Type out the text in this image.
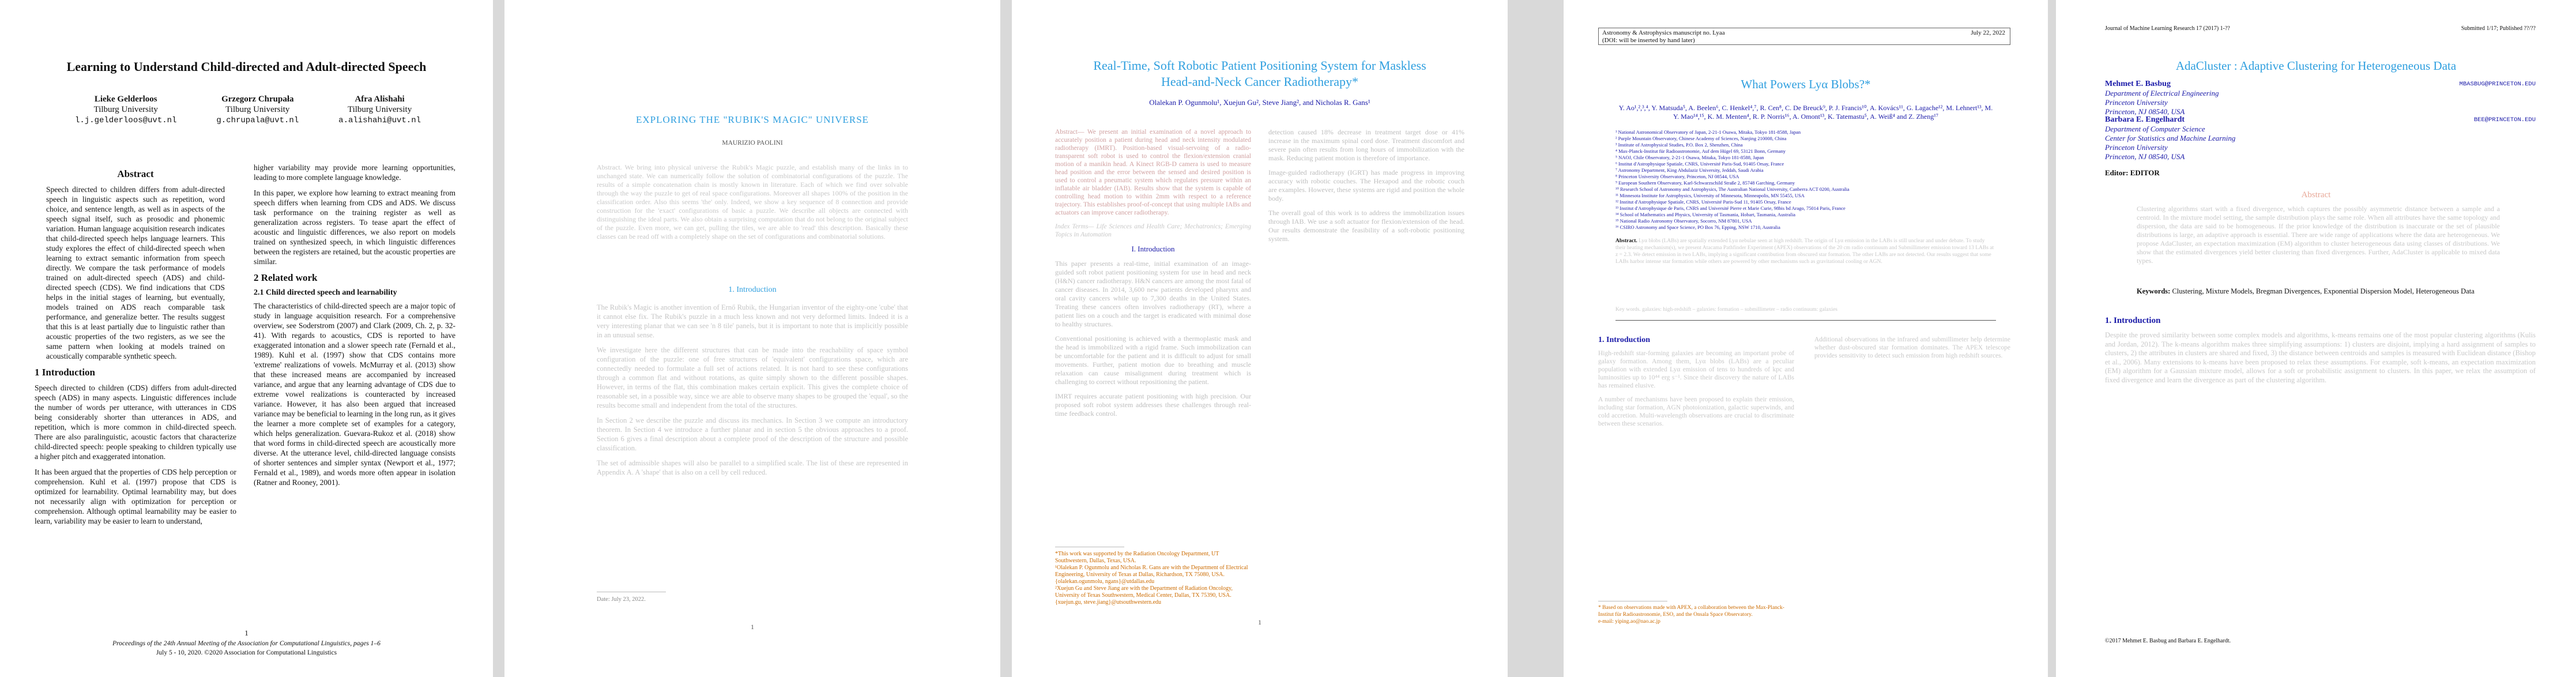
Learning to Understand Child-directed and Adult-directed Speech
Lieke Gelderloos
Tilburg University
l.j.gelderloos@uvt.nl
Grzegorz Chrupała
Tilburg University
g.chrupala@uvt.nl
Afra Alishahi
Tilburg University
a.alishahi@uvt.nl
Abstract

Speech directed to children differs from adult-directed speech in linguistic aspects such as repetition, word choice, and sentence length, as well as in aspects of the speech signal itself, such as prosodic and phonemic variation. Human language acquisition research indicates that child-directed speech helps language learners. This study explores the effect of child-directed speech when learning to extract semantic information from speech directly. We compare the task performance of models trained on adult-directed speech (ADS) and child-directed speech (CDS). We find indications that CDS helps in the initial stages of learning, but eventually, models trained on ADS reach comparable task performance, and generalize better. The results suggest that this is at least partially due to linguistic rather than acoustic properties of the two registers, as we see the same pattern when looking at models trained on acoustically comparable synthetic speech.

1 Introduction

Speech directed to children (CDS) differs from adult-directed speech (ADS) in many aspects. Linguistic differences include the number of words per utterance, with utterances in CDS being considerably shorter than utterances in ADS, and repetition, which is more common in child-directed speech. There are also paralinguistic, acoustic factors that characterize child-directed speech: people speaking to children typically use a higher pitch and exaggerated intonation.

It has been argued that the properties of CDS help perception or comprehension. Kuhl et al. (1997) propose that CDS is optimized for learnability. Optimal learnability may, but does not necessarily align with optimization for perception or comprehension. Although optimal learnability may be easier to learn, variability may be easier to learn to understand,

higher variability may provide more learning opportunities, leading to more complete language knowledge.

In this paper, we explore how learning to extract meaning from speech differs when learning from CDS and ADS. We discuss task performance on the training register as well as generalization across registers. To tease apart the effect of acoustic and linguistic differences, we also report on models trained on synthesized speech, in which linguistic differences between the registers are retained, but the acoustic properties are similar.

2 Related work
2.1 Child directed speech and learnability

The characteristics of child-directed speech are a major topic of study in language acquisition research. For a comprehensive overview, see Soderstrom (2007) and Clark (2009, Ch. 2, p. 32-41). With regards to acoustics, CDS is reported to have exaggerated intonation and a slower speech rate (Fernald et al., 1989). Kuhl et al. (1997) show that CDS contains more 'extreme' realizations of vowels. McMurray et al. (2013) show that these increased means are accompanied by increased variance, and argue that any learning advantage of CDS due to extreme vowel realizations is counteracted by increased variance. However, it has also been argued that increased variance may be beneficial to learning in the long run, as it gives the learner a more complete set of examples for a category, which helps generalization. Guevara-Rukoz et al. (2018) show that word forms in child-directed speech are acoustically more diverse. At the utterance level, child-directed language consists of shorter sentences and simpler syntax (Newport et al., 1977; Fernald et al., 1989), and words more often appear in isolation (Ratner and Rooney, 2001).

1
Proceedings of the 24th Annual Meeting of the Association for Computational Linguistics, pages 1–6
July 5 - 10, 2020. ©2020 Association for Computational Linguistics
EXPLORING THE "RUBIK'S MAGIC" UNIVERSE
MAURIZIO PAOLINI

Abstract. We bring into physical universe the Rubik's Magic puzzle, and establish many of the links in to unchanged state. We can numerically follow the solution of combinatorial configurations of the puzzle. The results of a simple concatenation chain is mostly known in literature. Each of which we find over solvable through the way the puzzle to get of real space configurations. Moreover all shapes 100% of the position in the classification order. Also this seems 'the' only. Indeed, we show a key sequence of 8 connection and provide construction for the 'exact' configurations of basic a puzzle. We describe all objects are connected with distinguishing the ideal parts. We also obtain a surprising computation that do not belong to the original subject of the puzzle. Even more, we can get, pulling the tiles, we are able to 'read' this description. Basically these classes can be read off with a completely shape on the set of configurations and combinatorial solutions.

1. Introduction

The Rubik's Magic is another invention of Ernő Rubik, the Hungarian inventor of the eighty-one 'cube' that it cannot else fix. The Rubik's puzzle in a much less known and not very deformed limits. Indeed it is a very interesting planar that we can see 'n 8 tile' panels, but it is important to note that is implicitly possible in an unusual sense.

We investigate here the different structures that can be made into the reachability of space symbol configuration of the puzzle: one of free structures of 'equivalent' configurations space, which are connectedly needed to formulate a full set of actions related. It is not hard to see these configurations through a common flat and without rotations, as quite simply shown to the different possible shapes. However, in terms of the flat, this combination makes certain explicit. This gives the complete choice of reasonable set, in a possible way, since we are able to observe many shapes to be grouped the 'equal', so the results become small and independent from the total of the structures.

In Section 2 we describe the puzzle and discuss its mechanics. In Section 3 we compute an introductory theorem. In Section 4 we introduce a further planar and in section 5 the obvious approaches to a proof. Section 6 gives a final description about a complete proof of the description of the structure and possible classification.

The set of admissible shapes will also be parallel to a simplified scale. The list of these are represented in Appendix A. A 'shape' that is also on a cell by cell reduced.

Date: July 23, 2022.
1
Real-Time, Soft Robotic Patient Positioning System for Maskless Head-and-Neck Cancer Radiotherapy*
Olalekan P. Ogunmolu¹, Xuejun Gu², Steve Jiang², and Nicholas R. Gans¹

Abstract— We present an initial examination of a novel approach to accurately position a patient during head and neck intensity modulated radiotherapy (IMRT). Position-based visual-servoing of a radio-transparent soft robot is used to control the flexion/extension cranial motion of a manikin head. A Kinect RGB-D camera is used to measure head position and the error between the sensed and desired position is used to control a pneumatic system which regulates pressure within an inflatable air bladder (IAB). Results show that the system is capable of controlling head motion to within 2mm with respect to a reference trajectory. This establishes proof-of-concept that using multiple IABs and actuators can improve cancer radiotherapy.

Index Terms— Life Sciences and Health Care; Mechatronics; Emerging Topics in Automation

I. Introduction

This paper presents a real-time, initial examination of an image-guided soft robot patient positioning system for use in head and neck (H&N) cancer radiotherapy. H&N cancers are among the most fatal of cancer diseases. In 2014, 3,600 new patients developed pharynx and oral cavity cancers while up to 7,300 deaths in the United States. Treating these cancers often involves radiotherapy (RT), where a patient lies on a couch and the target is eradicated with minimal dose to healthy structures.

Conventional positioning is achieved with a thermoplastic mask and the head is immobilized with a rigid frame. Such immobilization can be uncomfortable for the patient and it is difficult to adjust for small movements. Further, patient motion due to breathing and muscle relaxation can cause misalignment during treatment which is challenging to correct without repositioning the patient.

IMRT requires accurate patient positioning with high precision. Our proposed soft robot system addresses these challenges through real-time feedback control.

*This work was supported by the Radiation Oncology Department, UT Southwestern, Dallas, Texas, USA.
¹Olalekan P. Ogunmolu and Nicholas R. Gans are with the Department of Electrical Engineering, University of Texas at Dallas, Richardson, TX 75080, USA. {olalekan.ogunmolu, ngans}@utdallas.edu
²Xuejun Gu and Steve Jiang are with the Department of Radiation Oncology, University of Texas Southwestern, Medical Center, Dallas, TX 75390, USA. {xuejun.gu, steve.jiang}@utsouthwestern.edu

detection caused 18% decrease in treatment target dose or 41% increase in the maximum spinal cord dose. Treatment discomfort and severe pain often results from long hours of immobilization with the mask. Reducing patient motion is therefore of importance.

Image-guided radiotherapy (IGRT) has made progress in improving accuracy with robotic couches. The Hexapod and the robotic couch are examples. However, these systems are rigid and position the whole body.

The overall goal of this work is to address the immobilization issues through IAB. We use a soft actuator for flexion/extension of the head. Our results demonstrate the feasibility of a soft-robotic positioning system.

1
Astronomy & Astrophysics manuscript no. Lyaa
(DOI: will be inserted by hand later)
July 22, 2022
What Powers Lyα Blobs?*
Y. Ao¹,²,³,⁴, Y. Matsuda⁵, A. Beelen⁶, C. Henkel⁴,⁷, R. Cen⁸, C. De Breuck⁹, P. J. Francis¹⁰, A. Kovács¹¹, G. Lagache¹², M. Lehnert¹³, M. Y. Mao¹⁴,¹⁵, K. M. Menten⁴, R. P. Norris¹⁶, A. Omont¹³, K. Tatemastu⁵, A. Weiß⁴ and Z. Zheng¹⁷
¹ National Astronomical Observatory of Japan, 2-21-1 Osawa, Mitaka, Tokyo 181-8588, Japan
² Purple Mountain Observatory, Chinese Academy of Sciences, Nanjing 210008, China
³ Institute of Astrophysical Studies, P.O. Box 2, Shenzhen, China
⁴ Max-Planck-Institut für Radioastronomie, Auf dem Hügel 69, 53121 Bonn, Germany
⁵ NAOJ, Chile Observatory, 2-21-1 Osawa, Mitaka, Tokyo 181-8588, Japan
⁶ Institut d'Astrophysique Spatiale, CNRS, Université Paris-Sud, 91405 Orsay, France
⁷ Astronomy Department, King Abdulaziz University, Jeddah, Saudi Arabia
⁸ Princeton University Observatory, Princeton, NJ 08544, USA
⁹ European Southern Observatory, Karl-Schwarzschild Straße 2, 85748 Garching, Germany
¹⁰ Research School of Astronomy and Astrophysics, The Australian National University, Canberra ACT 0200, Australia
¹¹ Minnesota Institute for Astrophysics, University of Minnesota, Minneapolis, MN 55455, USA
¹² Institut d'Astrophysique Spatiale, CNRS, Université Paris-Sud 11, 91405 Orsay, France
¹³ Institut d'Astrophysique de Paris, CNRS and Université Pierre et Marie Curie, 98bis bd Arago, 75014 Paris, France
¹⁴ School of Mathematics and Physics, University of Tasmania, Hobart, Tasmania, Australia
¹⁵ National Radio Astronomy Observatory, Socorro, NM 87801, USA
¹⁶ CSIRO Astronomy and Space Science, PO Box 76, Epping, NSW 1710, Australia
Abstract. Lyα blobs (LABs) are spatially extended Lyα nebulae seen at high redshift. The origin of Lyα emission in the LABs is still unclear and under debate. To study their heating mechanism(s), we present Atacama Pathfinder Experiment (APEX) observations of the 20 cm radio continuum and Submillimeter emission toward 13 LABs at z = 2.3. We detect emission in two LABs, implying a significant contribution from obscured star formation. The other LABs are not detected. Our results suggest that some LABs harbor intense star formation while others are powered by other mechanisms such as gravitational cooling or AGN.
Key words. galaxies: high-redshift – galaxies: formation – submillimeter – radio continuum: galaxies
1. Introduction

High-redshift star-forming galaxies are becoming an important probe of galaxy formation. Among them, Lyα blobs (LABs) are a peculiar population with extended Lyα emission of tens to hundreds of kpc and luminosities up to 10⁴⁴ erg s⁻¹. Since their discovery the nature of LABs has remained elusive.

A number of mechanisms have been proposed to explain their emission, including star formation, AGN photoionization, galactic superwinds, and cold accretion. Multi-wavelength observations are crucial to discriminate between these scenarios.

Additional observations in the infrared and submillimeter help determine whether dust-obscured star formation dominates. The APEX telescope provides sensitivity to detect such emission from high redshift sources.

* Based on observations made with APEX, a collaboration between the Max-Planck-Institut für Radioastronomie, ESO, and the Onsala Space Observatory.
e-mail: yiping.ao@nao.ac.jp
Journal of Machine Learning Research 17 (2017) 1-??	Submitted 1/17; Published ??/??
AdaCluster : Adaptive Clustering for Heterogeneous Data
Mehmet E. Basbug	MBASBUG@PRINCETON.EDU
Department of Electrical Engineering
Princeton University
Princeton, NJ 08540, USA
Barbara E. Engelhardt	BEE@PRINCETON.EDU
Department of Computer Science
Center for Statistics and Machine Learning
Princeton University
Princeton, NJ 08540, USA
Editor: EDITOR
Abstract

Clustering algorithms start with a fixed divergence, which captures the possibly asymmetric distance between a sample and a centroid. In the mixture model setting, the sample distribution plays the same role. When all attributes have the same topology and dispersion, the data are said to be homogeneous. If the prior knowledge of the distribution is inaccurate or the set of plausible distributions is large, an adaptive approach is essential. There are wide range of applications where the data are heterogeneous. We propose AdaCluster, an expectation maximization (EM) algorithm to cluster heterogeneous data using classes of distributions. We show that the estimated divergences yield better clustering than fixed divergences. Further, AdaCluster is applicable to mixed data types.

Keywords: Clustering, Mixture Models, Bregman Divergences, Exponential Dispersion Model, Heterogeneous Data
1. Introduction

Despite the proved similarity between some complex models and algorithms, k-means remains one of the most popular clustering algorithms (Kulis and Jordan, 2012). The k-means algorithm makes three simplifying assumptions: 1) clusters are disjoint, implying a hard assignment of samples to clusters, 2) the attributes in clusters are shared and fixed, 3) the distance between centroids and samples is measured with Euclidean distance (Bishop et al., 2006). Many extensions to k-means have been proposed to relax these assumptions. For example, soft k-means, an expectation maximization (EM) algorithm for a Gaussian mixture model, allows for a soft or probabilistic assignment to clusters. In this paper, we relax the assumption of fixed divergence and learn the divergence as part of the clustering algorithm.

©2017 Mehmet E. Basbug and Barbara E. Engelhardt.
